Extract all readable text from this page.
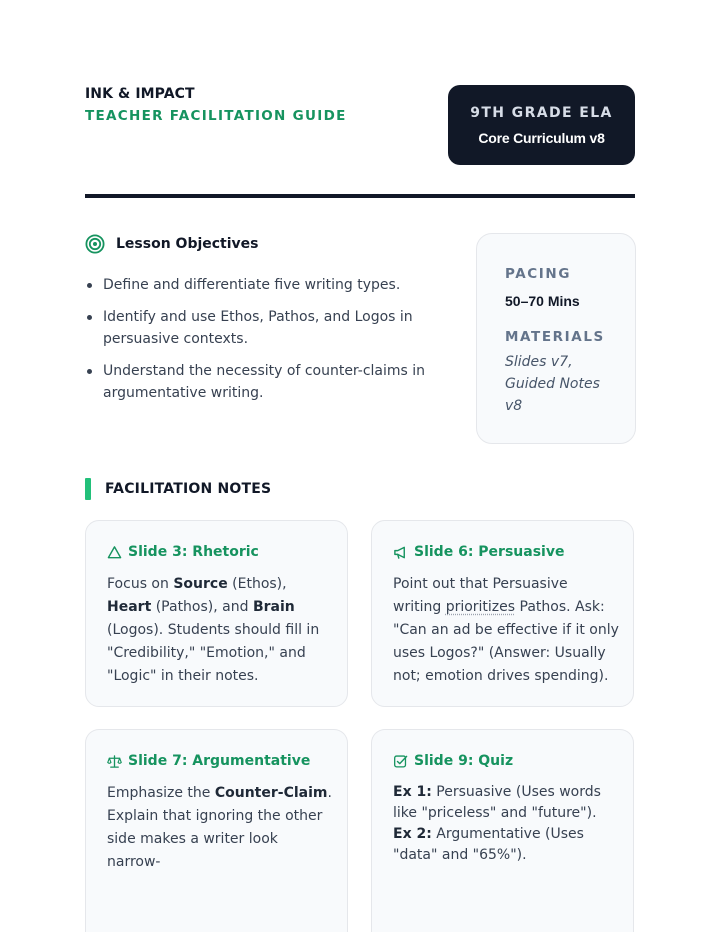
INK & IMPACT
TEACHER FACILITATION GUIDE	9TH GRADE ELA
Core Curriculum v8
Lesson Objectives
Define and differentiate five writing types.
Identify and use Ethos, Pathos, and Logos in persuasive contexts.
Understand the necessity of counter-claims in argumentative writing.
PACING
50–70 Mins
MATERIALS
Slides v7, Guided Notes v8
FACILITATION NOTES
Slide 3: Rhetoric
Focus on Source (Ethos), Heart (Pathos), and Brain (Logos). Students should fill in "Credibility," "Emotion," and "Logic" in their notes.
Slide 6: Persuasive
Point out that Persuasive writing prioritizes Pathos. Ask: "Can an ad be effective if it only uses Logos?" (Answer: Usually not; emotion drives spending).
Slide 7: Argumentative
Emphasize the Counter-Claim. Explain that ignoring the other side makes a writer look narrow-
Slide 9: Quiz
Ex 1: Persuasive (Uses words like "priceless" and "future").
Ex 2: Argumentative (Uses "data" and "65%").
